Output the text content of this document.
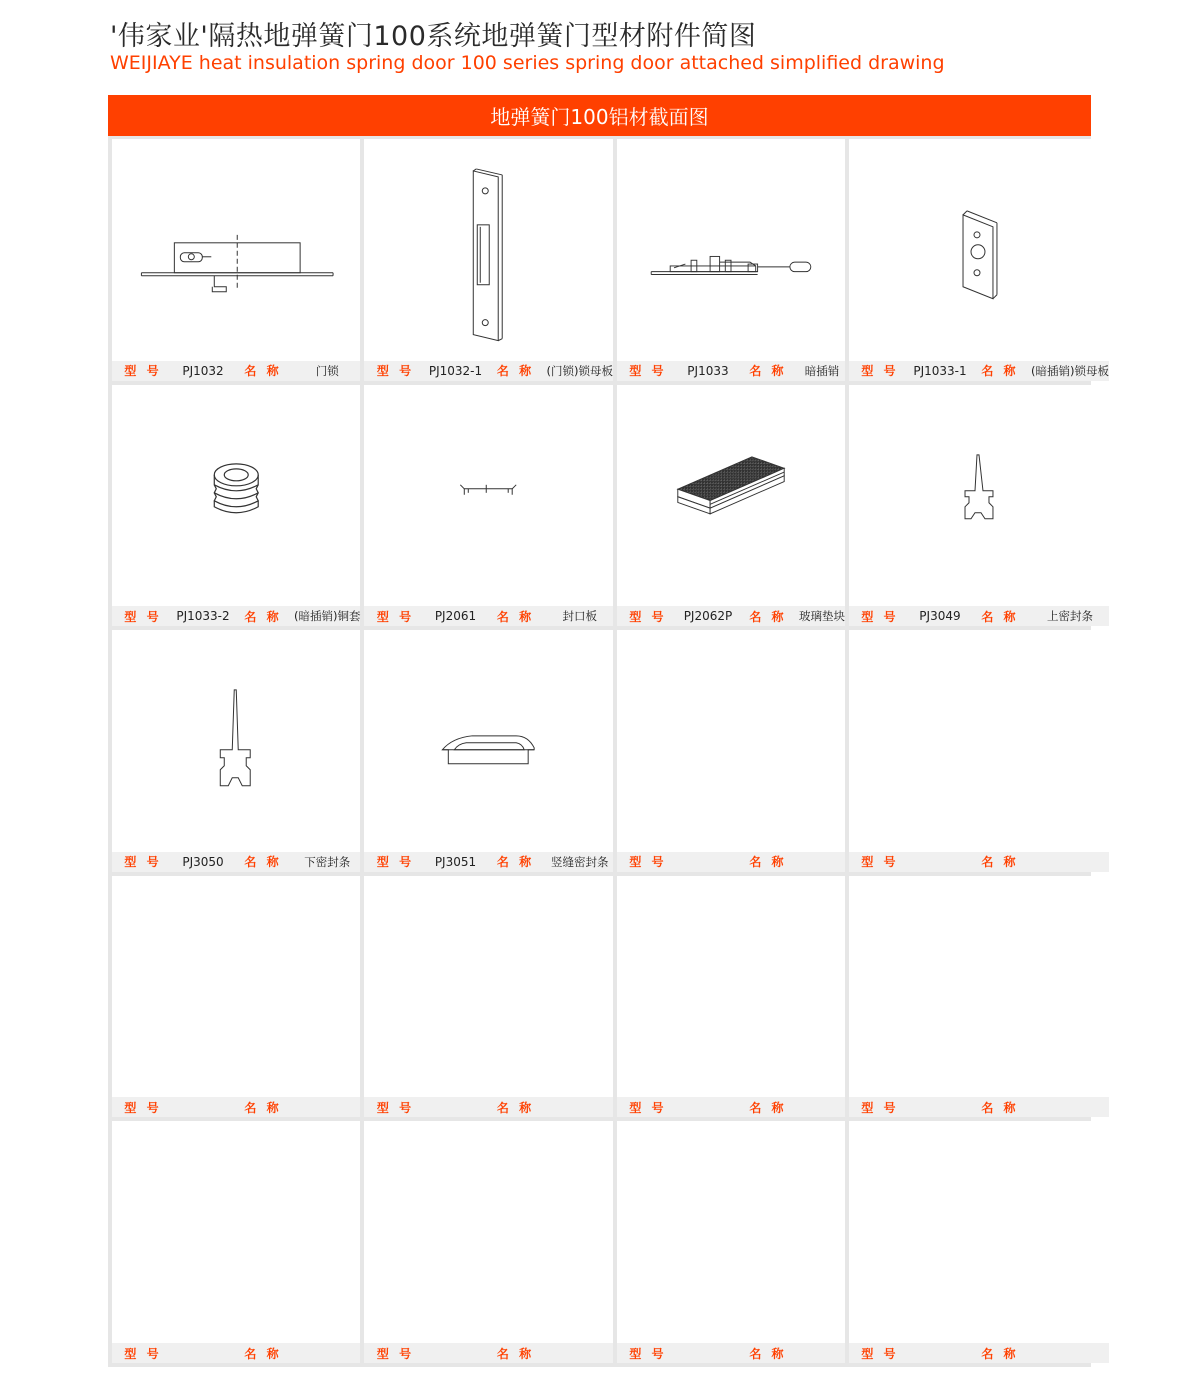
'伟家业'隔热地弹簧门100系统地弹簧门型材附件简图
WEIJIAYE heat insulation spring door 100 series spring door attached simplified drawing
地弹簧门100铝材截面图
型 号	PJ1032	名 称	门锁	型 号	PJ1032-1	名 称	(门锁)锁母板	型 号	PJ1033	名 称	暗插销	型 号	PJ1033-1	名 称	(暗插销)锁母板
型 号	PJ1033-2	名 称	(暗插销)铜套	型 号	PJ2061	名 称	封口板	型 号	PJ2062P	名 称	玻璃垫块	型 号	PJ3049	名 称	上密封条
型 号	PJ3050	名 称	下密封条	型 号	PJ3051	名 称	竖缝密封条	型 号	名 称	型 号	名 称
型 号	名 称	型 号	名 称	型 号	名 称	型 号	名 称
型 号	名 称	型 号	名 称	型 号	名 称	型 号	名 称
